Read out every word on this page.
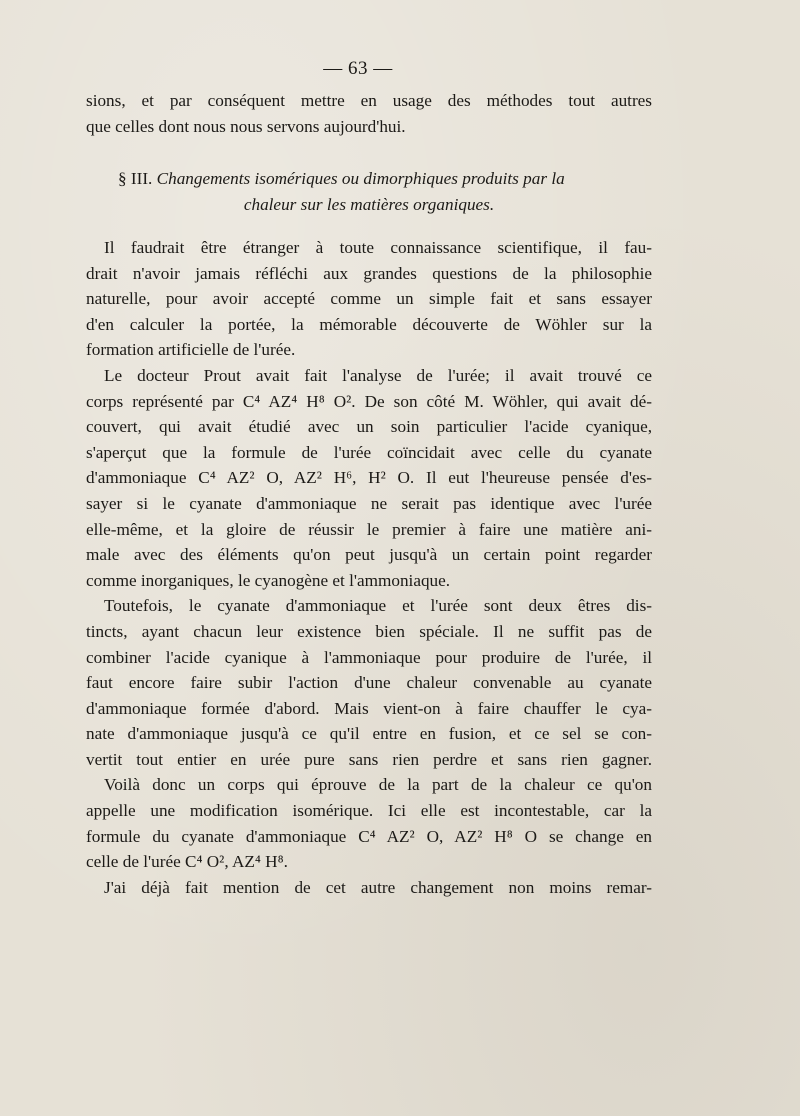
— 63 —
sions, et par conséquent mettre en usage des méthodes tout autres
que celles dont nous nous servons aujourd'hui.
§ III. Changements isomériques ou dimorphiques produits par la
chaleur sur les matières organiques.
Il faudrait être étranger à toute connaissance scientifique, il fau-
drait n'avoir jamais réfléchi aux grandes questions de la philosophie
naturelle, pour avoir accepté comme un simple fait et sans essayer
d'en calculer la portée, la mémorable découverte de Wöhler sur la
formation artificielle de l'urée.
Le docteur Prout avait fait l'analyse de l'urée; il avait trouvé ce
corps représenté par C⁴ AZ⁴ H⁸ O². De son côté M. Wöhler, qui avait dé-
couvert, qui avait étudié avec un soin particulier l'acide cyanique,
s'aperçut que la formule de l'urée coïncidait avec celle du cyanate
d'ammoniaque C⁴ AZ² O, AZ² H⁶, H² O. Il eut l'heureuse pensée d'es-
sayer si le cyanate d'ammoniaque ne serait pas identique avec l'urée
elle-même, et la gloire de réussir le premier à faire une matière ani-
male avec des éléments qu'on peut jusqu'à un certain point regarder
comme inorganiques, le cyanogène et l'ammoniaque.
Toutefois, le cyanate d'ammoniaque et l'urée sont deux êtres dis-
tincts, ayant chacun leur existence bien spéciale. Il ne suffit pas de
combiner l'acide cyanique à l'ammoniaque pour produire de l'urée, il
faut encore faire subir l'action d'une chaleur convenable au cyanate
d'ammoniaque formée d'abord. Mais vient-on à faire chauffer le cya-
nate d'ammoniaque jusqu'à ce qu'il entre en fusion, et ce sel se con-
vertit tout entier en urée pure sans rien perdre et sans rien gagner.
Voilà donc un corps qui éprouve de la part de la chaleur ce qu'on
appelle une modification isomérique. Ici elle est incontestable, car la
formule du cyanate d'ammoniaque C⁴ AZ² O, AZ² H⁸ O se change en
celle de l'urée C⁴ O², AZ⁴ H⁸.
J'ai déjà fait mention de cet autre changement non moins remar-
